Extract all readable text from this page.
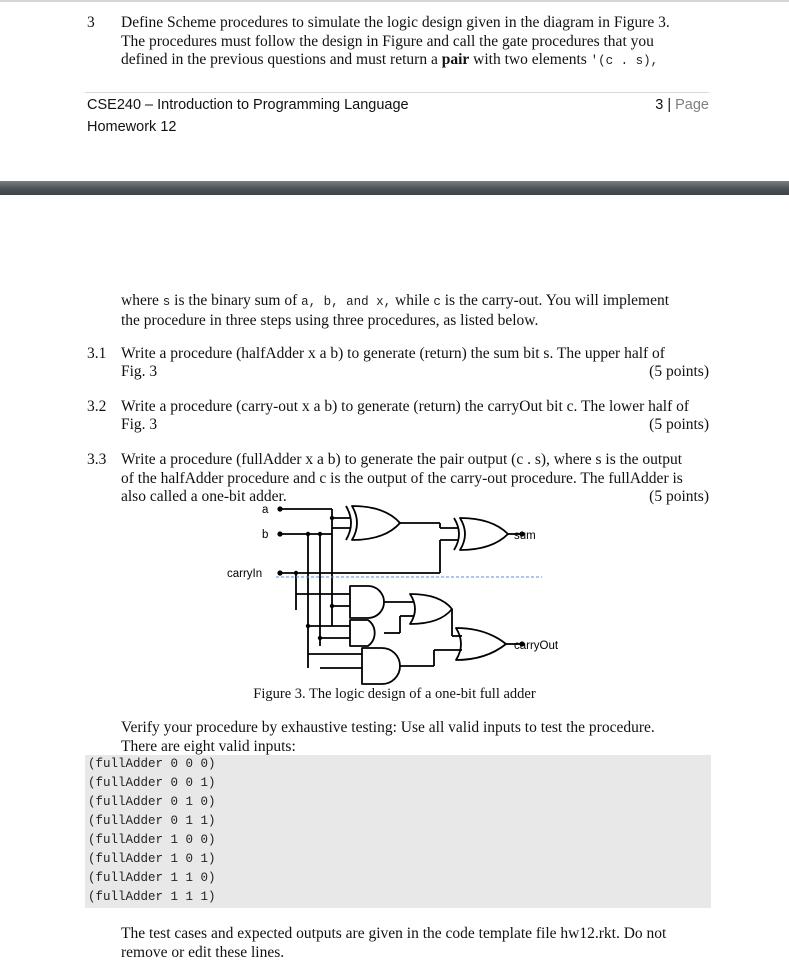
3 Define Scheme procedures to simulate the logic design given in the diagram in Figure 3.
The procedures must follow the design in Figure and call the gate procedures that you
defined in the previous questions and must return a pair with two elements '(c . s),
CSE240 – Introduction to Programming Language
Homework 12
3 | Page
where s is the binary sum of a, b, and x, while c is the carry-out. You will implement
the procedure in three steps using three procedures, as listed below.
3.1 Write a procedure (halfAdder x a b) to generate (return) the sum bit s. The upper half of
Fig. 3	(5 points)
3.2 Write a procedure (carry-out x a b) to generate (return) the carryOut bit c. The lower half of
Fig. 3	(5 points)
3.3 Write a procedure (fullAdder x a b) to generate the pair output (c . s), where s is the output
of the halfAdder procedure and c is the output of the carry-out procedure. The fullAdder is
also called a one-bit adder.	(5 points)
a
b
carryIn
sum
carryOut
Figure 3. The logic design of a one-bit full adder
Verify your procedure by exhaustive testing: Use all valid inputs to test the procedure.
There are eight valid inputs:
(fullAdder 0 0 0)
(fullAdder 0 0 1)
(fullAdder 0 1 0)
(fullAdder 0 1 1)
(fullAdder 1 0 0)
(fullAdder 1 0 1)
(fullAdder 1 1 0)
(fullAdder 1 1 1)
The test cases and expected outputs are given in the code template file hw12.rkt. Do not
remove or edit these lines.
